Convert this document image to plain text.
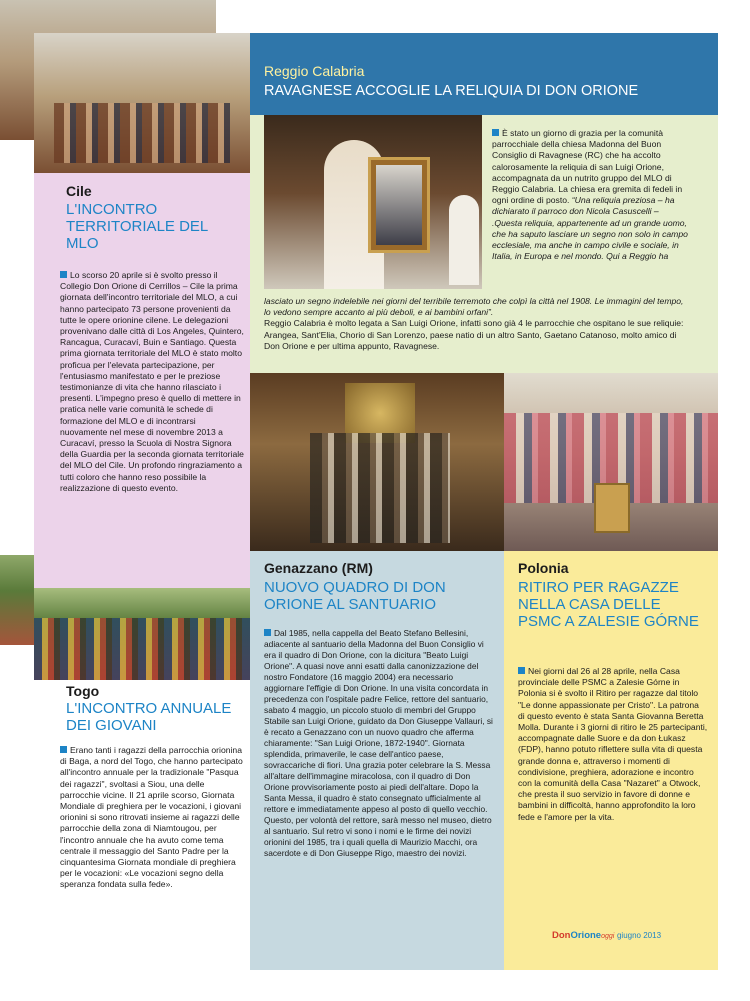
Reggio Calabria
RAVAGNESE ACCOGLIE LA RELIQUIA DI DON ORIONE
È stato un giorno di grazia per la comunità parrocchiale della chiesa Madonna del Buon Consiglio di Ravagnese (RC) che ha accolto calorosamente la reliquia di san Luigi Orione, accompagnata da un nutrito gruppo del MLO di Reggio Calabria. La chiesa era gremita di fedeli in ogni ordine di posto. “Una reliquia preziosa – ha dichiarato il parroco don Nicola Casuscelli – .Questa reliquia, appartenente ad un grande uomo, che ha saputo lasciare un segno non solo in campo ecclesiale, ma anche in campo civile e sociale, in Italia, in Europa e nel mondo. Qui a Reggio ha
lasciato un segno indelebile nei giorni del terribile terremoto che colpì la città nel 1908. Le immagini del tempo, lo vedono sempre accanto ai più deboli, e ai bambini orfani”.
Reggio Calabria è molto legata a San Luigi Orione, infatti sono già 4 le parrocchie che ospitano le sue reliquie: Arangea, Sant'Elia, Chorio di San Lorenzo, paese natio di un altro Santo, Gaetano Catanoso, molto amico di Don Orione e per ultima appunto, Ravagnese.
Cile
L'INCONTRO TERRITORIALE DEL MLO
Lo scorso 20 aprile si è svolto presso il Collegio Don Orione di Cerrillos – Cile la prima giornata dell'incontro territoriale del MLO, a cui hanno partecipato 73 persone provenienti da tutte le opere orionine cilene. Le delegazioni provenivano dalle città di Los Angeles, Quintero, Rancagua, Curacaví, Buin e Santiago. Questa prima giornata territoriale del MLO è stato molto proficua per l'elevata partecipazione, per l'entusiasmo manifestato e per le preziose testimonianze di vita che hanno rilasciato i presenti. L'impegno preso è quello di mettere in pratica nelle varie comunità le schede di formazione del MLO e di incontrarsi nuovamente nel mese di novembre 2013 a Curacaví, presso la Scuola di Nostra Signora della Guardia per la seconda giornata territoriale del MLO del Cile. Un profondo ringraziamento a tutti coloro che hanno reso possibile la realizzazione di questo evento.
Togo
L'INCONTRO ANNUALE DEI GIOVANI
Erano tanti i ragazzi della parrocchia orionina di Baga, a nord del Togo, che hanno partecipato all'incontro annuale per la tradizionale "Pasqua dei ragazzi", svoltasi a Siou, una delle parrocchie vicine. Il 21 aprile scorso, Giornata Mondiale di preghiera per le vocazioni, i giovani orionini si sono ritrovati insieme ai ragazzi delle parrocchie della zona di Niamtougou, per l'incontro annuale che ha avuto come tema centrale il messaggio del Santo Padre per la cinquantesima Giornata mondiale di preghiera per le vocazioni: «Le vocazioni segno della speranza fondata sulla fede».
Genazzano (RM)
NUOVO QUADRO DI DON ORIONE AL SANTUARIO
Dal 1985, nella cappella del Beato Stefano Bellesini, adiacente al santuario della Madonna del Buon Consiglio vi era il quadro di Don Orione, con la dicitura "Beato Luigi Orione". A quasi nove anni esatti dalla canonizzazione del nostro Fondatore (16 maggio 2004) era necessario aggiornare l'effigie di Don Orione. In una visita concordata in precedenza con l'ospitale padre Felice, rettore del santuario, sabato 4 maggio, un piccolo stuolo di membri del Gruppo Stabile san Luigi Orione, guidato da Don Giuseppe Vallauri, si è recato a Genazzano con un nuovo quadro che afferma chiaramente: "San Luigi Orione, 1872-1940". Giornata splendida, primaverile, le case dell'antico paese, sovraccariche di fiori. Una grazia poter celebrare la S. Messa all'altare dell'immagine miracolosa, con il quadro di Don Orione provvisoriamente posto ai piedi dell'altare. Dopo la Santa Messa, il quadro è stato consegnato ufficialmente al rettore e immediatamente appeso al posto di quello vecchio. Questo, per volontà del rettore, sarà messo nel museo, dietro al santuario. Sul retro vi sono i nomi e le firme dei novizi orionini del 1985, tra i quali quella di Maurizio Macchi, ora sacerdote e di Don Giuseppe Rigo, maestro dei novizi.
Polonia
RITIRO PER RAGAZZE NELLA CASA DELLE PSMC A ZALESIE GÓRNE
Nei giorni dal 26 al 28 aprile, nella Casa provinciale delle PSMC a Zalesie Górne in Polonia si è svolto il Ritiro per ragazze dal titolo "Le donne appassionate per Cristo". La patrona di questo evento è stata Santa Giovanna Beretta Molla. Durante i 3 giorni di ritiro le 25 partecipanti, accompagnate dalle Suore e da don Łukasz (FDP), hanno potuto riflettere sulla vita di questa grande donna e, attraverso i momenti di condivisione, preghiera, adorazione e incontro con la comunità della Casa "Nazaret" a Otwock, che presta il suo servizio in favore di donne e bambini in difficoltà, hanno approfondito la loro fede e l'amore per la vita.
DonOrioneoggi giugno 2013
